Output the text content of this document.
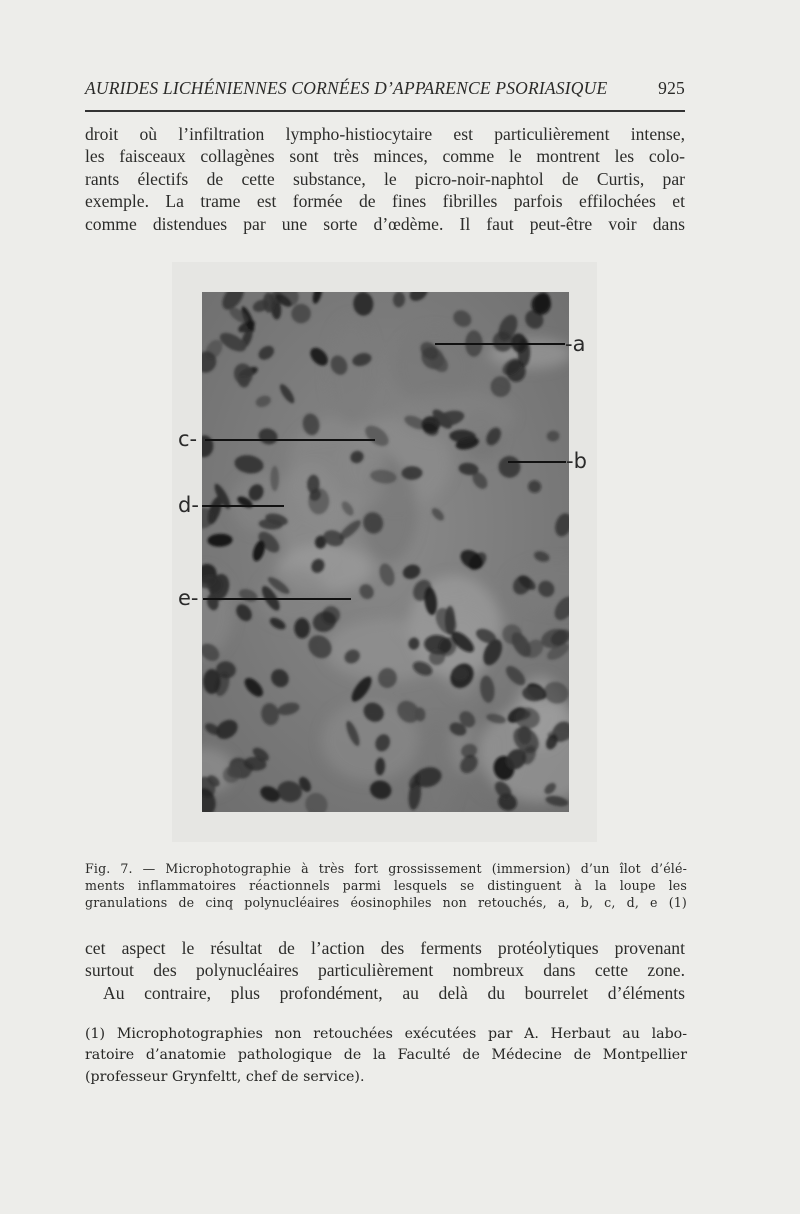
AURIDES LICHÉNIENNES CORNÉES D’APPARENCE PSORIASIQUE	925
droit où l’infiltration lympho-histiocytaire est particulièrement intense,
les faisceaux collagènes sont très minces, comme le montrent les colo-
rants électifs de cette substance, le picro-noir-naphtol de Curtis, par
exemple. La trame est formée de fines fibrilles parfois effilochées et
comme distendues par une sorte d’œdème. Il faut peut-être voir dans
-a
-b
c-
d-
e-
Fig. 7. — Microphotographie à très fort grossissement (immersion) d’un îlot d’élé-
ments inflammatoires réactionnels parmi lesquels se distinguent à la loupe les
granulations de cinq polynucléaires éosinophiles non retouchés, a, b, c, d, e (1)
cet aspect le résultat de l’action des ferments protéolytiques provenant
surtout des polynucléaires particulièrement nombreux dans cette zone.
Au contraire, plus profondément, au delà du bourrelet d’éléments
(1) Microphotographies non retouchées exécutées par A. Herbaut au labo-
ratoire d’anatomie pathologique de la Faculté de Médecine de Montpellier
(professeur Grynfeltt, chef de service).
